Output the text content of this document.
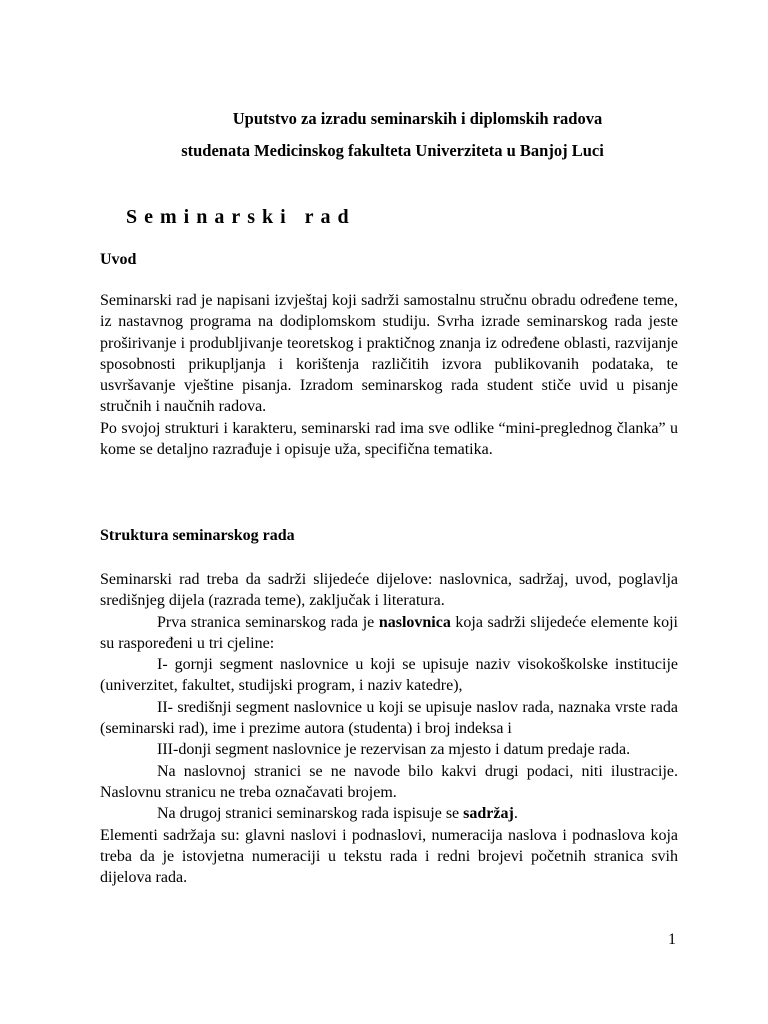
Uputstvo za izradu seminarskih i diplomskih radova
studenata Medicinskog fakulteta Univerziteta u Banjoj Luci
Seminarski rad
Uvod

Seminarski rad je napisani izvještaj koji sadrži samostalnu stručnu obradu određene teme, iz nastavnog programa na dodiplomskom studiju. Svrha izrade seminarskog rada jeste proširivanje i produbljivanje teoretskog i praktičnog znanja iz određene oblasti, razvijanje sposobnosti prikupljanja i korištenja različitih izvora publikovanih podataka, te usvršavanje vještine pisanja. Izradom seminarskog rada student stiče uvid u pisanje stručnih i naučnih radova.

Po svojoj strukturi i karakteru, seminarski rad ima sve odlike “mini-preglednog članka” u kome se detaljno razrađuje i opisuje uža, specifična tematika.

Struktura seminarskog rada

Seminarski rad treba da sadrži slijedeće dijelove: naslovnica, sadržaj, uvod, poglavlja središnjeg dijela (razrada teme), zaključak i literatura.

Prva stranica seminarskog rada je naslovnica koja sadrži slijedeće elemente koji su raspoređeni u tri cjeline:

I- gornji segment naslovnice u koji se upisuje naziv visokoškolske institucije (univerzitet, fakultet, studijski program, i naziv katedre),

II- središnji segment naslovnice u koji se upisuje naslov rada, naznaka vrste rada (seminarski rad), ime i prezime autora (studenta) i broj indeksa i

III-donji segment naslovnice je rezervisan za mjesto i datum predaje rada.

Na naslovnoj stranici se ne navode bilo kakvi drugi podaci, niti ilustracije. Naslovnu stranicu ne treba označavati brojem.

Na drugoj stranici seminarskog rada ispisuje se sadržaj.

Elementi sadržaja su: glavni naslovi i podnaslovi, numeracija naslova i podnaslova koja treba da je istovjetna numeraciji u tekstu rada i redni brojevi početnih stranica svih dijelova rada.

1
